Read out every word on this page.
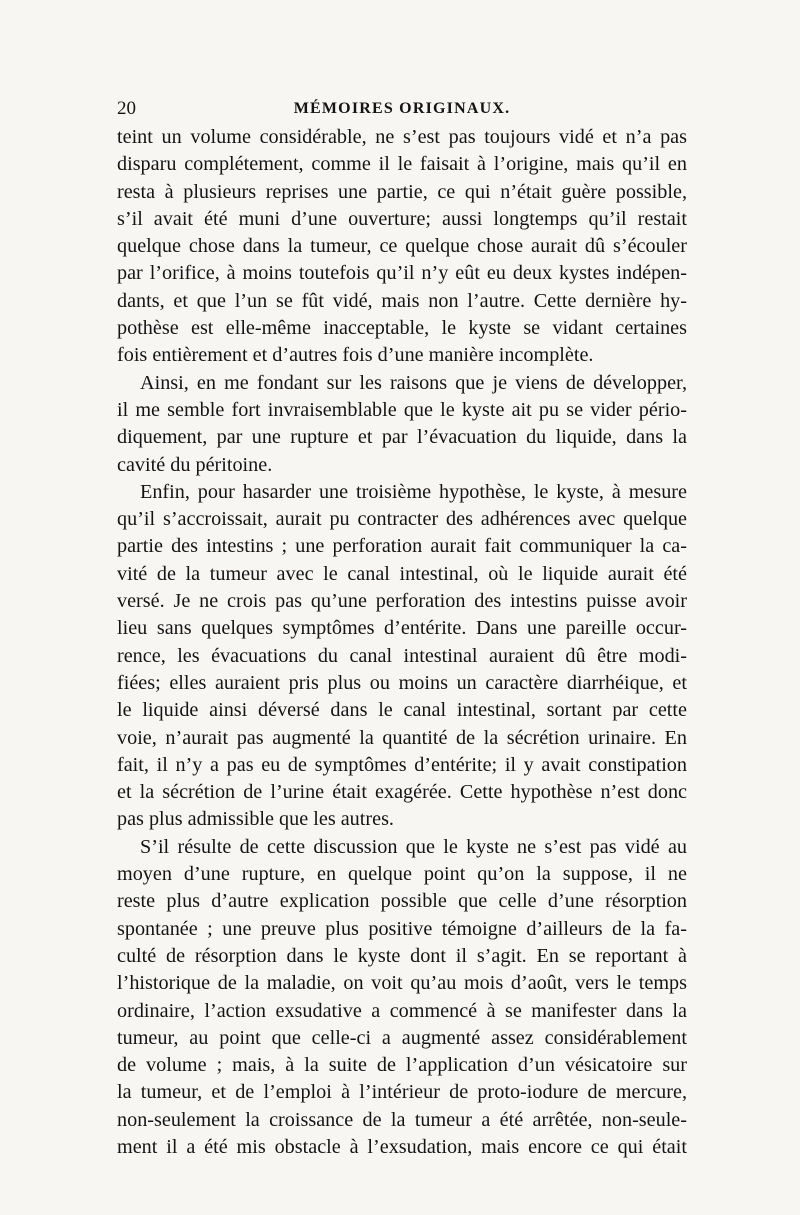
20	MÉMOIRES ORIGINAUX.
teint un volume considérable, ne s’est pas toujours vidé et n’a pas
disparu complétement, comme il le faisait à l’origine, mais qu’il en
resta à plusieurs reprises une partie, ce qui n’était guère possible,
s’il avait été muni d’une ouverture; aussi longtemps qu’il restait
quelque chose dans la tumeur, ce quelque chose aurait dû s’écouler
par l’orifice, à moins toutefois qu’il n’y eût eu deux kystes indépen-
dants, et que l’un se fût vidé, mais non l’autre. Cette dernière hy-
pothèse est elle-même inacceptable, le kyste se vidant certaines
fois entièrement et d’autres fois d’une manière incomplète.
Ainsi, en me fondant sur les raisons que je viens de développer,
il me semble fort invraisemblable que le kyste ait pu se vider pério-
diquement, par une rupture et par l’évacuation du liquide, dans la
cavité du péritoine.
Enfin, pour hasarder une troisième hypothèse, le kyste, à mesure
qu’il s’accroissait, aurait pu contracter des adhérences avec quelque
partie des intestins ; une perforation aurait fait communiquer la ca-
vité de la tumeur avec le canal intestinal, où le liquide aurait été
versé. Je ne crois pas qu’une perforation des intestins puisse avoir
lieu sans quelques symptômes d’entérite. Dans une pareille occur-
rence, les évacuations du canal intestinal auraient dû être modi-
fiées; elles auraient pris plus ou moins un caractère diarrhéique, et
le liquide ainsi déversé dans le canal intestinal, sortant par cette
voie, n’aurait pas augmenté la quantité de la sécrétion urinaire. En
fait, il n’y a pas eu de symptômes d’entérite; il y avait constipation
et la sécrétion de l’urine était exagérée. Cette hypothèse n’est donc
pas plus admissible que les autres.
S’il résulte de cette discussion que le kyste ne s’est pas vidé au
moyen d’une rupture, en quelque point qu’on la suppose, il ne
reste plus d’autre explication possible que celle d’une résorption
spontanée ; une preuve plus positive témoigne d’ailleurs de la fa-
culté de résorption dans le kyste dont il s’agit. En se reportant à
l’historique de la maladie, on voit qu’au mois d’août, vers le temps
ordinaire, l’action exsudative a commencé à se manifester dans la
tumeur, au point que celle-ci a augmenté assez considérablement
de volume ; mais, à la suite de l’application d’un vésicatoire sur
la tumeur, et de l’emploi à l’intérieur de proto-iodure de mercure,
non-seulement la croissance de la tumeur a été arrêtée, non-seule-
ment il a été mis obstacle à l’exsudation, mais encore ce qui était
